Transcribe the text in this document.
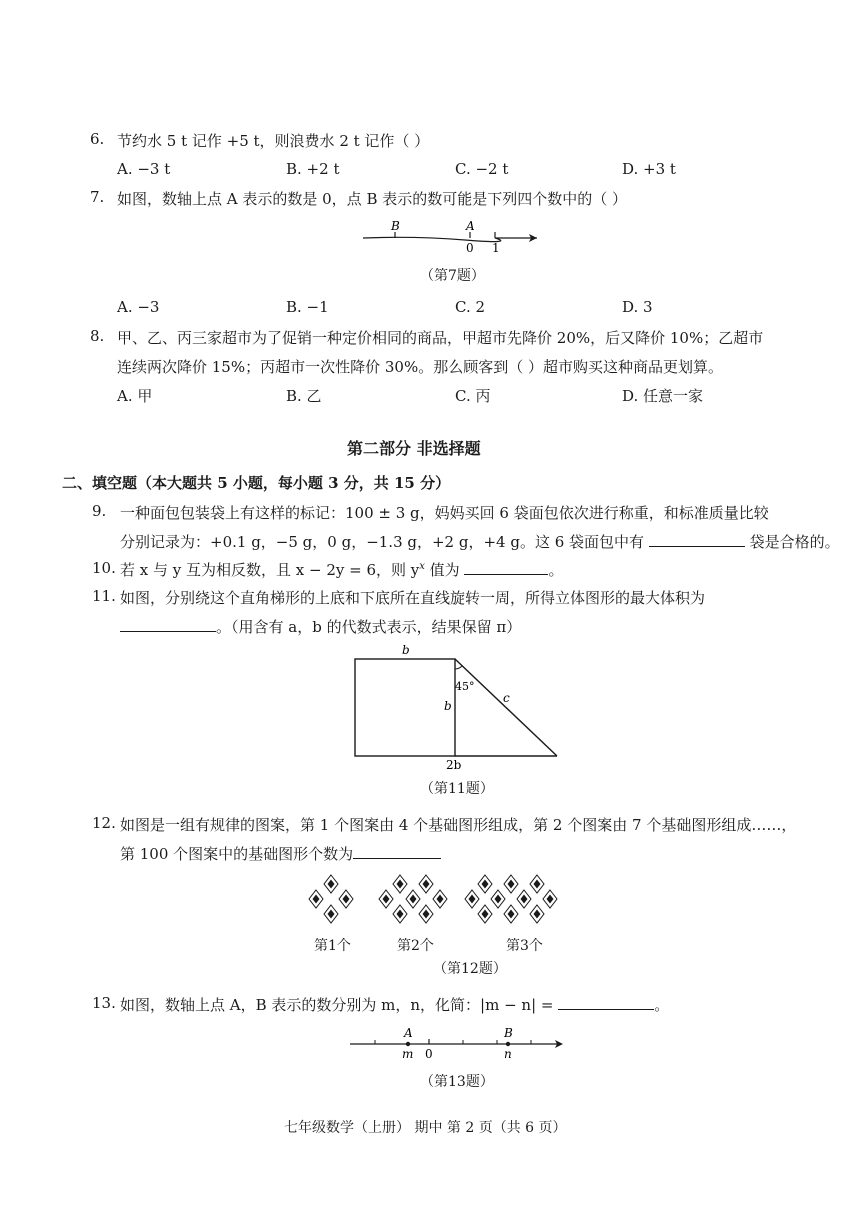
6. 节约水 5 t 记作 +5 t，则浪费水 2 t 记作（ ）
A. −3 t	B. +2 t	C. −2 t	D. +3 t
7. 如图，数轴上点 A 表示的数是 0，点 B 表示的数可能是下列四个数中的（ ）
B	A
0 1
（第7题）
A. −3	B. −1	C. 2	D. 3
8. 甲、乙、丙三家超市为了促销一种定价相同的商品，甲超市先降价 20%，后又降价 10%；乙超市
连续两次降价 15%；丙超市一次性降价 30%。那么顾客到（ ）超市购买这种商品更划算。
A. 甲	B. 乙	C. 丙	D. 任意一家
第二部分 非选择题
二、填空题（本大题共 5 小题，每小题 3 分，共 15 分）
9. 一种面包包装袋上有这样的标记：100 ± 3 g，妈妈买回 6 袋面包依次进行称重，和标准质量比较
分别记录为：+0.1 g，−5 g，0 g，−1.3 g，+2 g，+4 g。这 6 袋面包中有	袋是合格的。
10. 若 x 与 y 互为相反数，且 x − 2y = 6，则 $y^x$ 值为	。
11. 如图，分别绕这个直角梯形的上底和下底所在直线旋转一周，所得立体图形的最大体积为
。（用含有 a，b 的代数式表示，结果保留 π）
b
b
45°
c
2b
（第11题）
12. 如图是一组有规律的图案，第 1 个图案由 4 个基础图形组成，第 2 个图案由 7 个基础图形组成……，
第 100 个图案中的基础图形个数为
第1个	第2个	第3个
（第12题）
13. 如图，数轴上点 A，B 表示的数分别为 m，n，化简：|m − n| =	。
A	B
m 0	n
（第13题）
七年级数学（上册） 期中 第 2 页（共 6 页）
